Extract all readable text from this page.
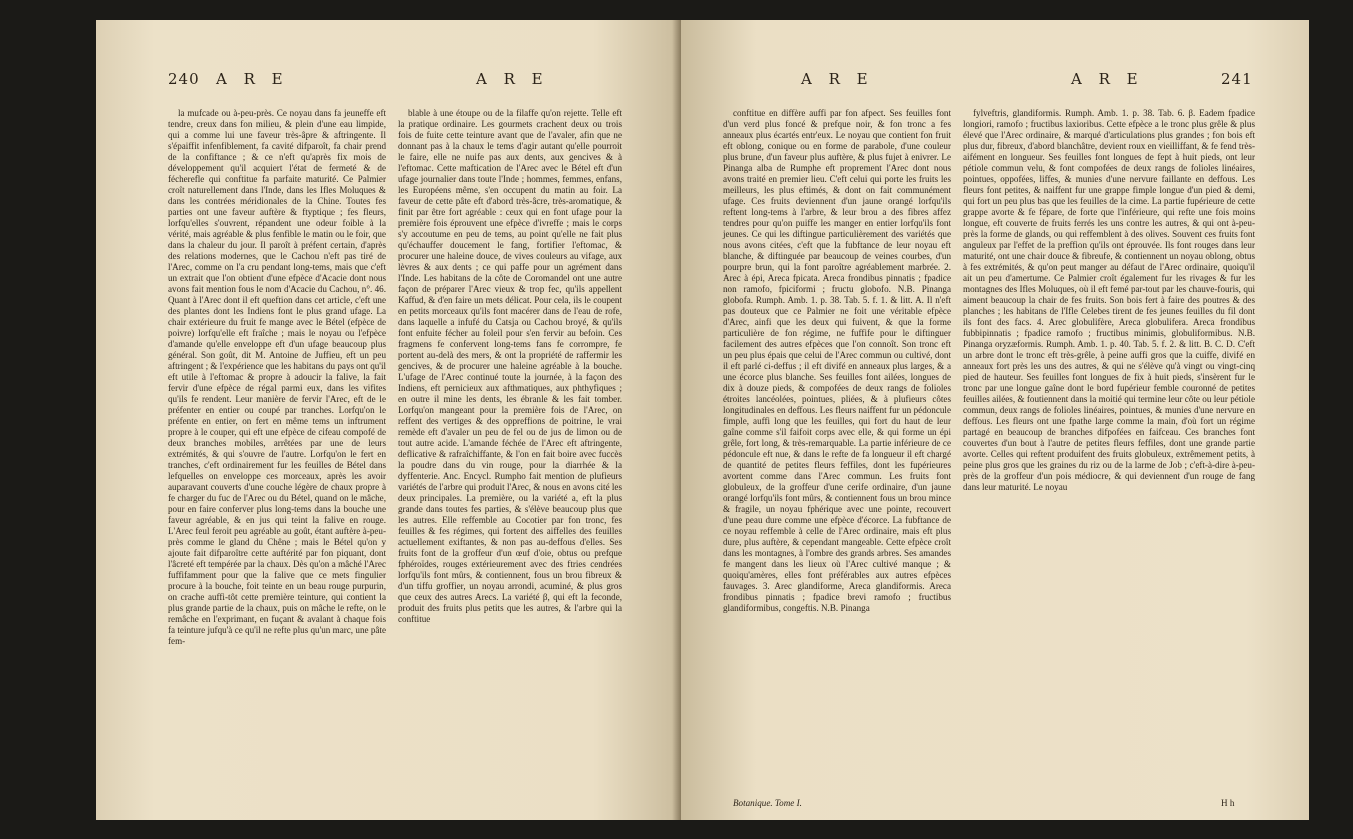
240 A R E	A R E

la mufcade ou à-peu-près. Ce noyau dans fa jeuneffe eft tendre, creux dans fon milieu, & plein d'une eau limpide, qui a comme lui une faveur très-âpre & aftringente. Il s'épaiffit infenfiblement, fa cavité difparoît, fa chair prend de la confiftance ; & ce n'eft qu'après fix mois de développement qu'il acquiert l'état de fermeté & de fécherefle qui conftitue fa parfaite maturité. Ce Palmier croît naturellement dans l'Inde, dans les Ifles Moluques & dans les contrées méridionales de la Chine. Toutes fes parties ont une faveur auftère & ftyptique ; fes fleurs, lorfqu'elles s'ouvrent, répandent une odeur foible à la vérité, mais agréable & plus fenfible le matin ou le foir, que dans la chaleur du jour. Il paroît à préfent certain, d'après des relations modernes, que le Cachou n'eft pas tiré de l'Arec, comme on l'a cru pendant long-tems, mais que c'eft un extrait que l'on obtient d'une efpèce d'Acacie dont nous avons fait mention fous le nom d'Acacie du Cachou, n°. 46. Quant à l'Arec dont il eft queftion dans cet article, c'eft une des plantes dont les Indiens font le plus grand ufage. La chair extérieure du fruit fe mange avec le Bétel (efpèce de poivre) lorfqu'elle eft fraîche ; mais le noyau ou l'efpèce d'amande qu'elle enveloppe eft d'un ufage beaucoup plus général. Son goût, dit M. Antoine de Juffieu, eft un peu aftringent ; & l'expérience que les habitans du pays ont qu'il eft utile à l'eftomac & propre à adoucir la falive, la fait fervir d'une efpèce de régal parmi eux, dans les vifites qu'ils fe rendent. Leur manière de fervir l'Arec, eft de le préfenter en entier ou coupé par tranches. Lorfqu'on le préfente en entier, on fert en même tems un inftrument propre à le couper, qui eft une efpèce de cifeau compofé de deux branches mobiles, arrêtées par une de leurs extrémités, & qui s'ouvre de l'autre. Lorfqu'on le fert en tranches, c'eft ordinairement fur les feuilles de Bétel dans lefquelles on enveloppe ces morceaux, après les avoir auparavant couverts d'une couche légère de chaux propre à fe charger du fuc de l'Arec ou du Bétel, quand on le mâche, pour en faire conferver plus long-tems dans la bouche une faveur agréable, & en jus qui teint la falive en rouge. L'Arec feul feroit peu agréable au goût, étant auftère à-peu-près comme le gland du Chêne ; mais le Bétel qu'on y ajoute fait difparoître cette auftérité par fon piquant, dont l'âcreté eft tempérée par la chaux. Dès qu'on a mâché l'Arec fuffifamment pour que la falive que ce mets fingulier procure à la bouche, foit teinte en un beau rouge purpurin, on crache auffi-tôt cette première teinture, qui contient la plus grande partie de la chaux, puis on mâche le refte, on le remâche en l'exprimant, en fuçant & avalant à chaque fois fa teinture jufqu'à ce qu'il ne refte plus qu'un marc, une pâte fem-

blable à une étoupe ou de la filaffe qu'on rejette. Telle eft la pratique ordinaire. Les gourmets crachent deux ou trois fois de fuite cette teinture avant que de l'avaler, afin que ne donnant pas à la chaux le tems d'agir autant qu'elle pourroit le faire, elle ne nuife pas aux dents, aux gencives & à l'eftomac. Cette maftication de l'Arec avec le Bétel eft d'un ufage journalier dans toute l'Inde ; hommes, femmes, enfans, les Européens même, s'en occupent du matin au foir. La faveur de cette pâte eft d'abord très-âcre, très-aromatique, & finit par être fort agréable : ceux qui en font ufage pour la première fois éprouvent une efpèce d'ivreffe ; mais le corps s'y accoutume en peu de tems, au point qu'elle ne fait plus qu'échauffer doucement le fang, fortifier l'eftomac, & procurer une haleine douce, de vives couleurs au vifage, aux lèvres & aux dents ; ce qui paffe pour un agrément dans l'Inde. Les habitans de la côte de Coromandel ont une autre façon de préparer l'Arec vieux & trop fec, qu'ils appellent Kaffud, & d'en faire un mets délicat. Pour cela, ils le coupent en petits morceaux qu'ils font macérer dans de l'eau de rofe, dans laquelle a infufé du Catsja ou Cachou broyé, & qu'ils font enfuite fécher au foleil pour s'en fervir au befoin. Ces fragmens fe confervent long-tems fans fe corrompre, fe portent au-delà des mers, & ont la propriété de raffermir les gencives, & de procurer une haleine agréable à la bouche. L'ufage de l'Arec continué toute la journée, à la façon des Indiens, eft pernicieux aux afthmatiques, aux phthyfiques ; en outre il mine les dents, les ébranle & les fait tomber. Lorfqu'on mangeant pour la première fois de l'Arec, on reffent des vertiges & des oppreffions de poitrine, le vrai remède eft d'avaler un peu de fel ou de jus de limon ou de tout autre acide. L'amande féchée de l'Arec eft aftringente, deflicative & rafraîchiffante, & l'on en fait boire avec fuccès la poudre dans du vin rouge, pour la diarrhée & la dyffenterie. Anc. Encycl. Rumpho fait mention de plufieurs variétés de l'arbre qui produit l'Arec, & nous en avons cité les deux principales. La première, ou la variété a, eft la plus grande dans toutes fes parties, & s'élève beaucoup plus que les autres. Elle reffemble au Cocotier par fon tronc, fes feuilles & fes régimes, qui fortent des aiffelles des feuilles actuellement exiftantes, & non pas au-deffous d'elles. Ses fruits font de la groffeur d'un œuf d'oie, obtus ou prefque fphéroïdes, rouges extérieurement avec des ftries cendrées lorfqu'ils font mûrs, & contiennent, fous un brou fibreux & d'un tiffu groffier, un noyau arrondi, acuminé, & plus gros que ceux des autres Arecs. La variété β, qui eft la feconde, produit des fruits plus petits que les autres, & l'arbre qui la conftitue

A R E	A R E	241

conftitue en diffère auffi par fon afpect. Ses feuilles font d'un verd plus foncé & prefque noir, & fon tronc a fes anneaux plus écartés entr'eux. Le noyau que contient fon fruit eft oblong, conique ou en forme de parabole, d'une couleur plus brune, d'un faveur plus auftère, & plus fujet à enivrer. Le Pinanga alba de Rumphe eft proprement l'Arec dont nous avons traité en premier lieu. C'eft celui qui porte les fruits les meilleurs, les plus eftimés, & dont on fait communément ufage. Ces fruits deviennent d'un jaune orangé lorfqu'ils reftent long-tems à l'arbre, & leur brou a des fibres affez tendres pour qu'on puiffe les manger en entier lorfqu'ils font jeunes. Ce qui les diftingue particulièrement des variétés que nous avons citées, c'eft que la fubftance de leur noyau eft blanche, & diftinguée par beaucoup de veines courbes, d'un pourpre brun, qui la font paroître agréablement marbrée. 2. Arec à épi, Areca fpicata. Areca frondibus pinnatis ; fpadice non ramofo, fpiciformi ; fructu globofo. N.B. Pinanga globofa. Rumph. Amb. 1. p. 38. Tab. 5. f. 1. & litt. A. Il n'eft pas douteux que ce Palmier ne foit une véritable efpèce d'Arec, ainfi que les deux qui fuivent, & que la forme particulière de fon régime, ne fuffife pour le diftinguer facilement des autres efpèces que l'on connoît. Son tronc eft un peu plus épais que celui de l'Arec commun ou cultivé, dont il eft parlé ci-deffus ; il eft divifé en anneaux plus larges, & a une écorce plus blanche. Ses feuilles font ailées, longues de dix à douze pieds, & compofées de deux rangs de folioles étroites lancéolées, pointues, pliées, & à plufieurs côtes longitudinales en deffous. Les fleurs naiffent fur un pédoncule fimple, auffi long que les feuilles, qui fort du haut de leur gaîne comme s'il faifoit corps avec elle, & qui forme un épi grêle, fort long, & très-remarquable. La partie inférieure de ce pédoncule eft nue, & dans le refte de fa longueur il eft chargé de quantité de petites fleurs feffiles, dont les fupérieures avortent comme dans l'Arec commun. Les fruits font globuleux, de la groffeur d'une cerife ordinaire, d'un jaune orangé lorfqu'ils font mûrs, & contiennent fous un brou mince & fragile, un noyau fphérique avec une pointe, recouvert d'une peau dure comme une efpèce d'écorce. La fubftance de ce noyau reffemble à celle de l'Arec ordinaire, mais eft plus dure, plus auftère, & cependant mangeable. Cette efpèce croît dans les montagnes, à l'ombre des grands arbres. Ses amandes fe mangent dans les lieux où l'Arec cultivé manque ; & quoiqu'amères, elles font préférables aux autres efpèces fauvages. 3. Arec glandiforme, Areca glandiformis. Areca frondibus pinnatis ; fpadice brevi ramofo ; fructibus glandiformibus, congeftis. N.B. Pinanga

Botanique. Tome I.

fylveftris, glandiformis. Rumph. Amb. 1. p. 38. Tab. 6. β. Eadem fpadice longiori, ramofo ; fructibus laxioribus. Cette efpèce a le tronc plus grêle & plus élevé que l'Arec ordinaire, & marqué d'articulations plus grandes ; fon bois eft plus dur, fibreux, d'abord blanchâtre, devient roux en vieilliffant, & fe fend très-aifément en longueur. Ses feuilles font longues de fept à huit pieds, ont leur pétiole commun velu, & font compofées de deux rangs de folioles linéaires, pointues, oppofées, liffes, & munies d'une nervure faillante en deffous. Les fleurs font petites, & naiffent fur une grappe fimple longue d'un pied & demi, qui fort un peu plus bas que les feuilles de la cime. La partie fupérieure de cette grappe avorte & fe fépare, de forte que l'inférieure, qui refte une fois moins longue, eft couverte de fruits ferrés les uns contre les autres, & qui ont à-peu-près la forme de glands, ou qui reffemblent à des olives. Souvent ces fruits font anguleux par l'effet de la preffion qu'ils ont éprouvée. Ils font rouges dans leur maturité, ont une chair douce & fibreufe, & contiennent un noyau oblong, obtus à fes extrémités, & qu'on peut manger au défaut de l'Arec ordinaire, quoiqu'il ait un peu d'amertume. Ce Palmier croît également fur les rivages & fur les montagnes des Ifles Moluques, où il eft femé par-tout par les chauve-fouris, qui aiment beaucoup la chair de fes fruits. Son bois fert à faire des poutres & des planches ; les habitans de l'Ifle Celebes tirent de fes jeunes feuilles du fil dont ils font des facs. 4. Arec globulifère, Areca globulifera. Areca frondibus fubbipinnatis ; fpadice ramofo ; fructibus minimis, globuliformibus. N.B. Pinanga oryzæformis. Rumph. Amb. 1. p. 40. Tab. 5. f. 2. & litt. B. C. D. C'eft un arbre dont le tronc eft très-grêle, à peine auffi gros que la cuiffe, divifé en anneaux fort près les uns des autres, & qui ne s'élève qu'à vingt ou vingt-cinq pied de hauteur. Ses feuilles font longues de fix à huit pieds, s'insèrent fur le tronc par une longue gaîne dont le bord fupérieur femble couronné de petites feuilles ailées, & foutiennent dans la moitié qui termine leur côte ou leur pétiole commun, deux rangs de folioles linéaires, pointues, & munies d'une nervure en deffous. Les fleurs ont une fpathe large comme la main, d'où fort un régime partagé en beaucoup de branches difpofées en faifceau. Ces branches font couvertes d'un bout à l'autre de petites fleurs feffiles, dont une grande partie avorte. Celles qui reftent produifent des fruits globuleux, extrêmement petits, à peine plus gros que les graines du riz ou de la larme de Job ; c'eft-à-dire à-peu-près de la groffeur d'un pois médiocre, & qui deviennent d'un rouge de fang dans leur maturité. Le noyau

H h
